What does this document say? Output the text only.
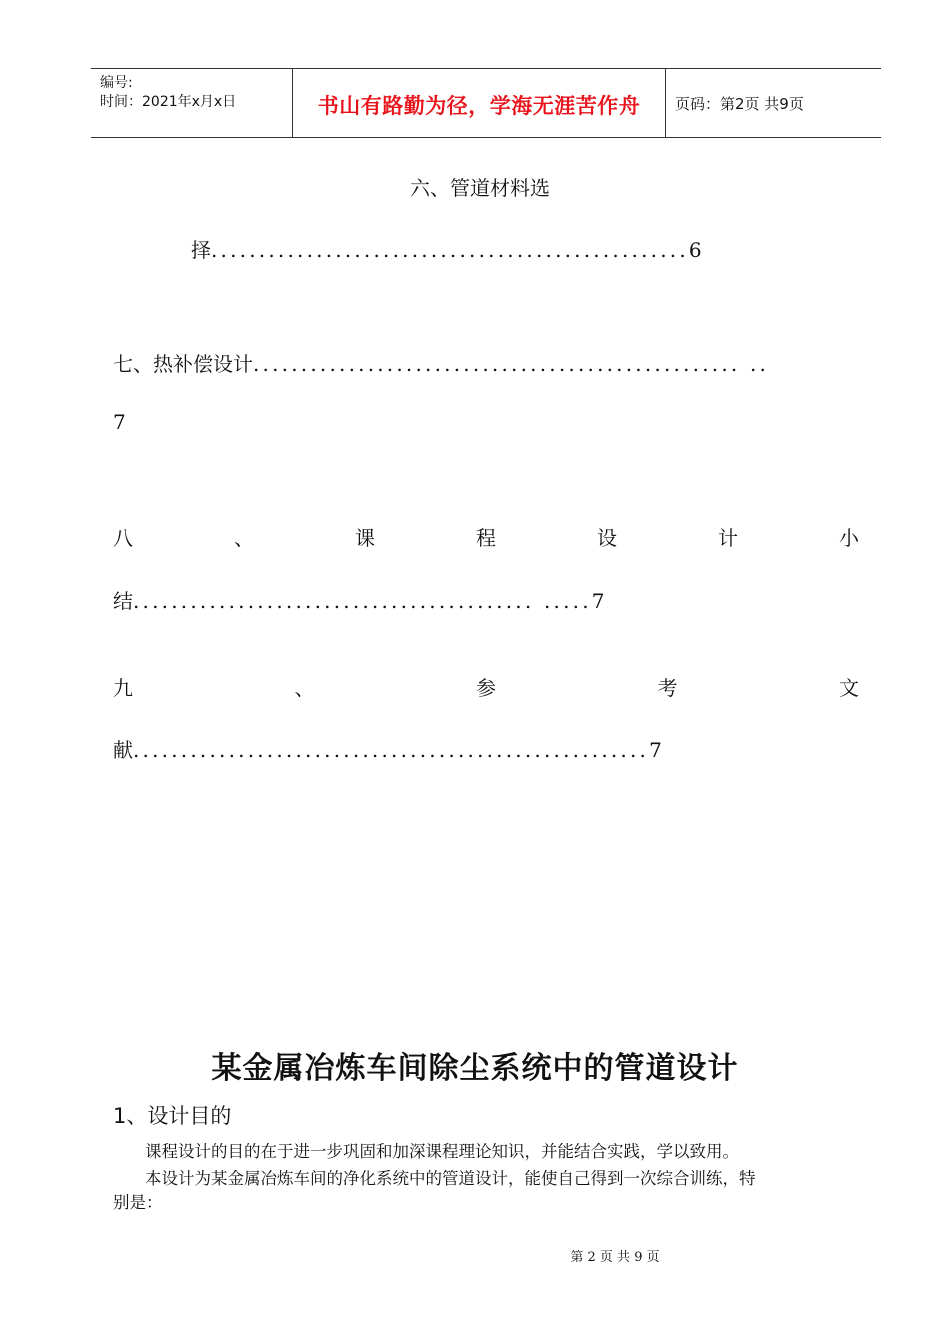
编号:
时间：2021年x月x日	书山有路勤为径，学海无涯苦作舟	页码：第2页 共9页
六、管道材料选
择..................................................6
七、热补偿设计................................................... ..
7
八	、	课	程	设	计	小
结.......................................... .....7
九	、	参	考	文
献......................................................7
某金属冶炼车间除尘系统中的管道设计
1、设计目的
课程设计的目的在于进一步巩固和加深课程理论知识，并能结合实践，学以致用。
本设计为某金属冶炼车间的净化系统中的管道设计，能使自己得到一次综合训练，特
别是：
第 2 页 共 9 页
